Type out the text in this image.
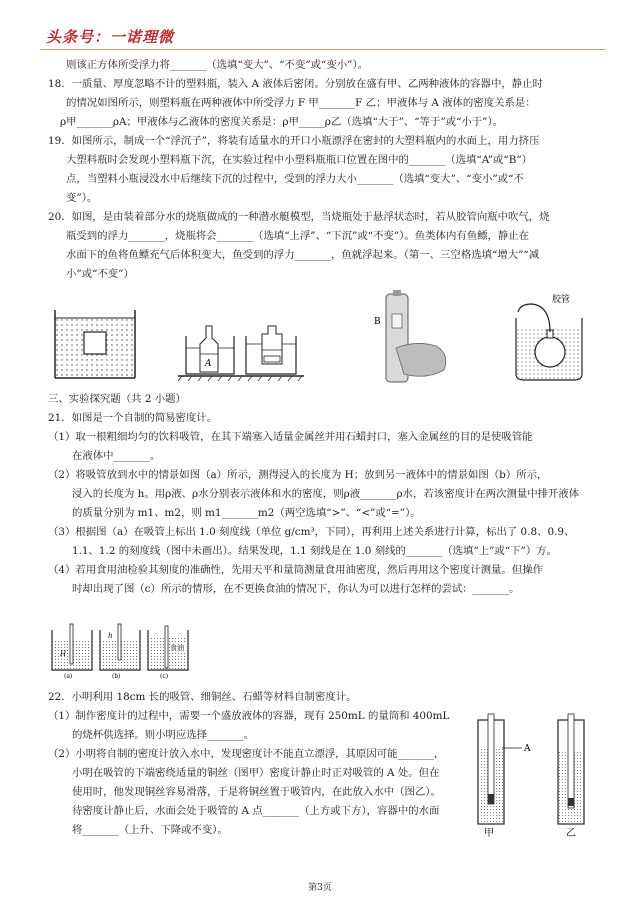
头条号：一诺理微
则该正方体所受浮力将_______（选填“变大”、“不变”或“变小”）。
18．一质量、厚度忽略不计的塑料瓶，装入 A 液体后密闭。分别放在盛有甲、乙两种液体的容器中，静止时
的情况如图所示，则塑料瓶在两种液体中所受浮力 F 甲_______F 乙；甲液体与 A 液体的密度关系是：
ρ甲_______ρA；甲液体与乙液体的密度关系是：ρ甲_____ρ乙（选填“大于”、“等于”或“小于”）。
19．如图所示，制成一个“浮沉子”，将装有适量水的开口小瓶漂浮在密封的大塑料瓶内的水面上，用力挤压
大塑料瓶时会发现小塑料瓶下沉，在实验过程中小塑料瓶瓶口位置在图中的_______（选填“A”或“B”）
点，当塑料小瓶浸没水中后继续下沉的过程中，受到的浮力大小_______（选填“变大”、“变小”或“不
变”）。
20．如图，是由装着部分水的烧瓶做成的一种潜水艇模型，当烧瓶处于悬浮状态时，若从胶管向瓶中吹气，烧
瓶受到的浮力_______，烧瓶将会_______（选填“上浮”、“下沉”或“不变”）。鱼类体内有鱼鳔，静止在
水面下的鱼将鱼鳔充气后体积变大，鱼受到的浮力_______，鱼就浮起来。（第一、三空格选填“增大”“减
小”或“不变”）
A
B
胶管
三、实验探究题（共 2 小题）
21．如图是一个自制的简易密度计。
（1）取一根粗细均匀的饮料吸管，在其下端塞入适量金属丝并用石蜡封口，塞入金属丝的目的是使吸管能
在液体中_______。
（2）将吸管放到水中的情景如图（a）所示，测得浸入的长度为 H；放到另一液体中的情景如图（b）所示，
浸入的长度为 h。用ρ液、ρ水分别表示液体和水的密度，则ρ液_______ρ水，若该密度计在两次测量中排开液体
的质量分别为 m1、m2，则 m1_______m2（两空选填“>”、“<”或“=”）。
（3）根据图（a）在吸管上标出 1.0 刻度线（单位 g/cm³，下同），再利用上述关系进行计算，标出了 0.8、0.9、
1.1、1.2 的刻度线（图中未画出）。结果发现，1.1 刻线是在 1.0 刻线的_______（选填“上”或“下”）方。
（4）若用食用油检验其刻度的准确性，先用天平和量筒测量食用油密度，然后再用这个密度计测量。但操作
时却出现了图（c）所示的情形，在不更换食油的情况下，你认为可以进行怎样的尝试：_______。
H
(a)
h
(b)
食油
(c)
22．小明利用 18cm 长的吸管、细铜丝、石蜡等材料自制密度计。
（1）制作密度计的过程中，需要一个盛放液体的容器，现有 250mL 的量筒和 400mL
的烧杯供选择。则小明应选择_______。
（2）小明将自制的密度计放入水中，发现密度计不能直立漂浮，其原因可能_______，
小明在吸管的下端密绕适量的铜丝（图甲）密度计静止时正对吸管的 A 处。但在
使用时，他发现铜丝容易滑落，于是将铜丝置于吸管内，在此放入水中（图乙）。
待密度计静止后，水面会处于吸管的 A 点_______（上方或下方），容器中的水面
将_______（上升、下降或不变）。
A
甲	乙
第3页
